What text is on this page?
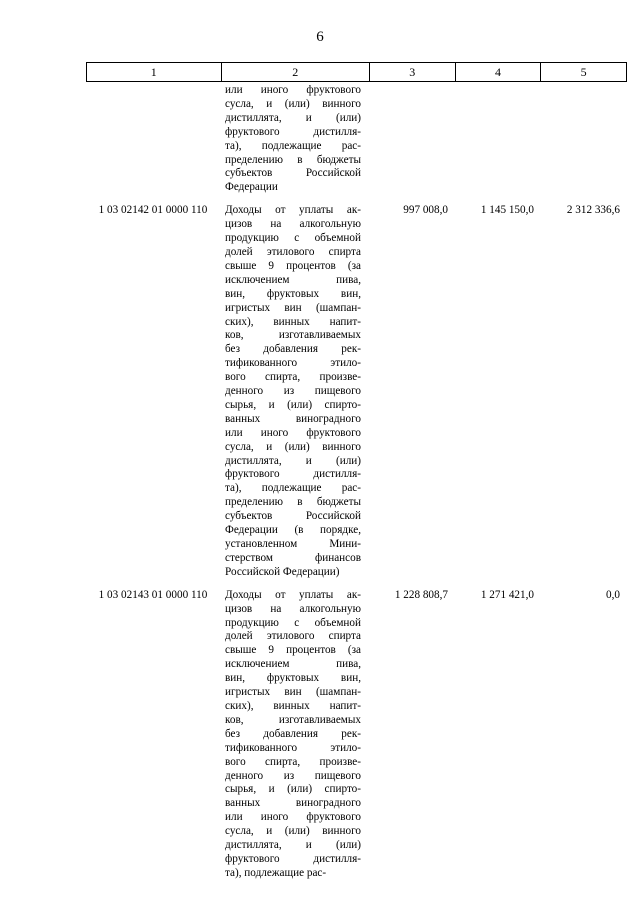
6
1	2	3	4	5
или иного фруктового
сусла, и (или) винного
дистиллята, и (или)
фруктового дистилля-
та), подлежащие рас-
пределению в бюджеты
субъектов Российской
Федерации
1 03 02142 01 0000 110	Доходы от уплаты ак-
цизов на алкогольную
продукцию с объемной
долей этилового спирта
свыше 9 процентов (за
исключением пива,
вин, фруктовых вин,
игристых вин (шампан-
ских), винных напит-
ков, изготавливаемых
без добавления рек-
тификованного этило-
вого спирта, произве-
денного из пищевого
сырья, и (или) спирто-
ванных виноградного
или иного фруктового
сусла, и (или) винного
дистиллята, и (или)
фруктового дистилля-
та), подлежащие рас-
пределению в бюджеты
субъектов Российской
Федерации (в порядке,
установленном Мини-
стерством финансов
Российской Федерации)
997 008,0	1 145 150,0	2 312 336,6
1 03 02143 01 0000 110	Доходы от уплаты ак-
цизов на алкогольную
продукцию с объемной
долей этилового спирта
свыше 9 процентов (за
исключением пива,
вин, фруктовых вин,
игристых вин (шампан-
ских), винных напит-
ков, изготавливаемых
без добавления рек-
тификованного этило-
вого спирта, произве-
денного из пищевого
сырья, и (или) спирто-
ванных виноградного
или иного фруктового
сусла, и (или) винного
дистиллята, и (или)
фруктового дистилля-
та), подлежащие рас-
1 228 808,7	1 271 421,0	0,0
